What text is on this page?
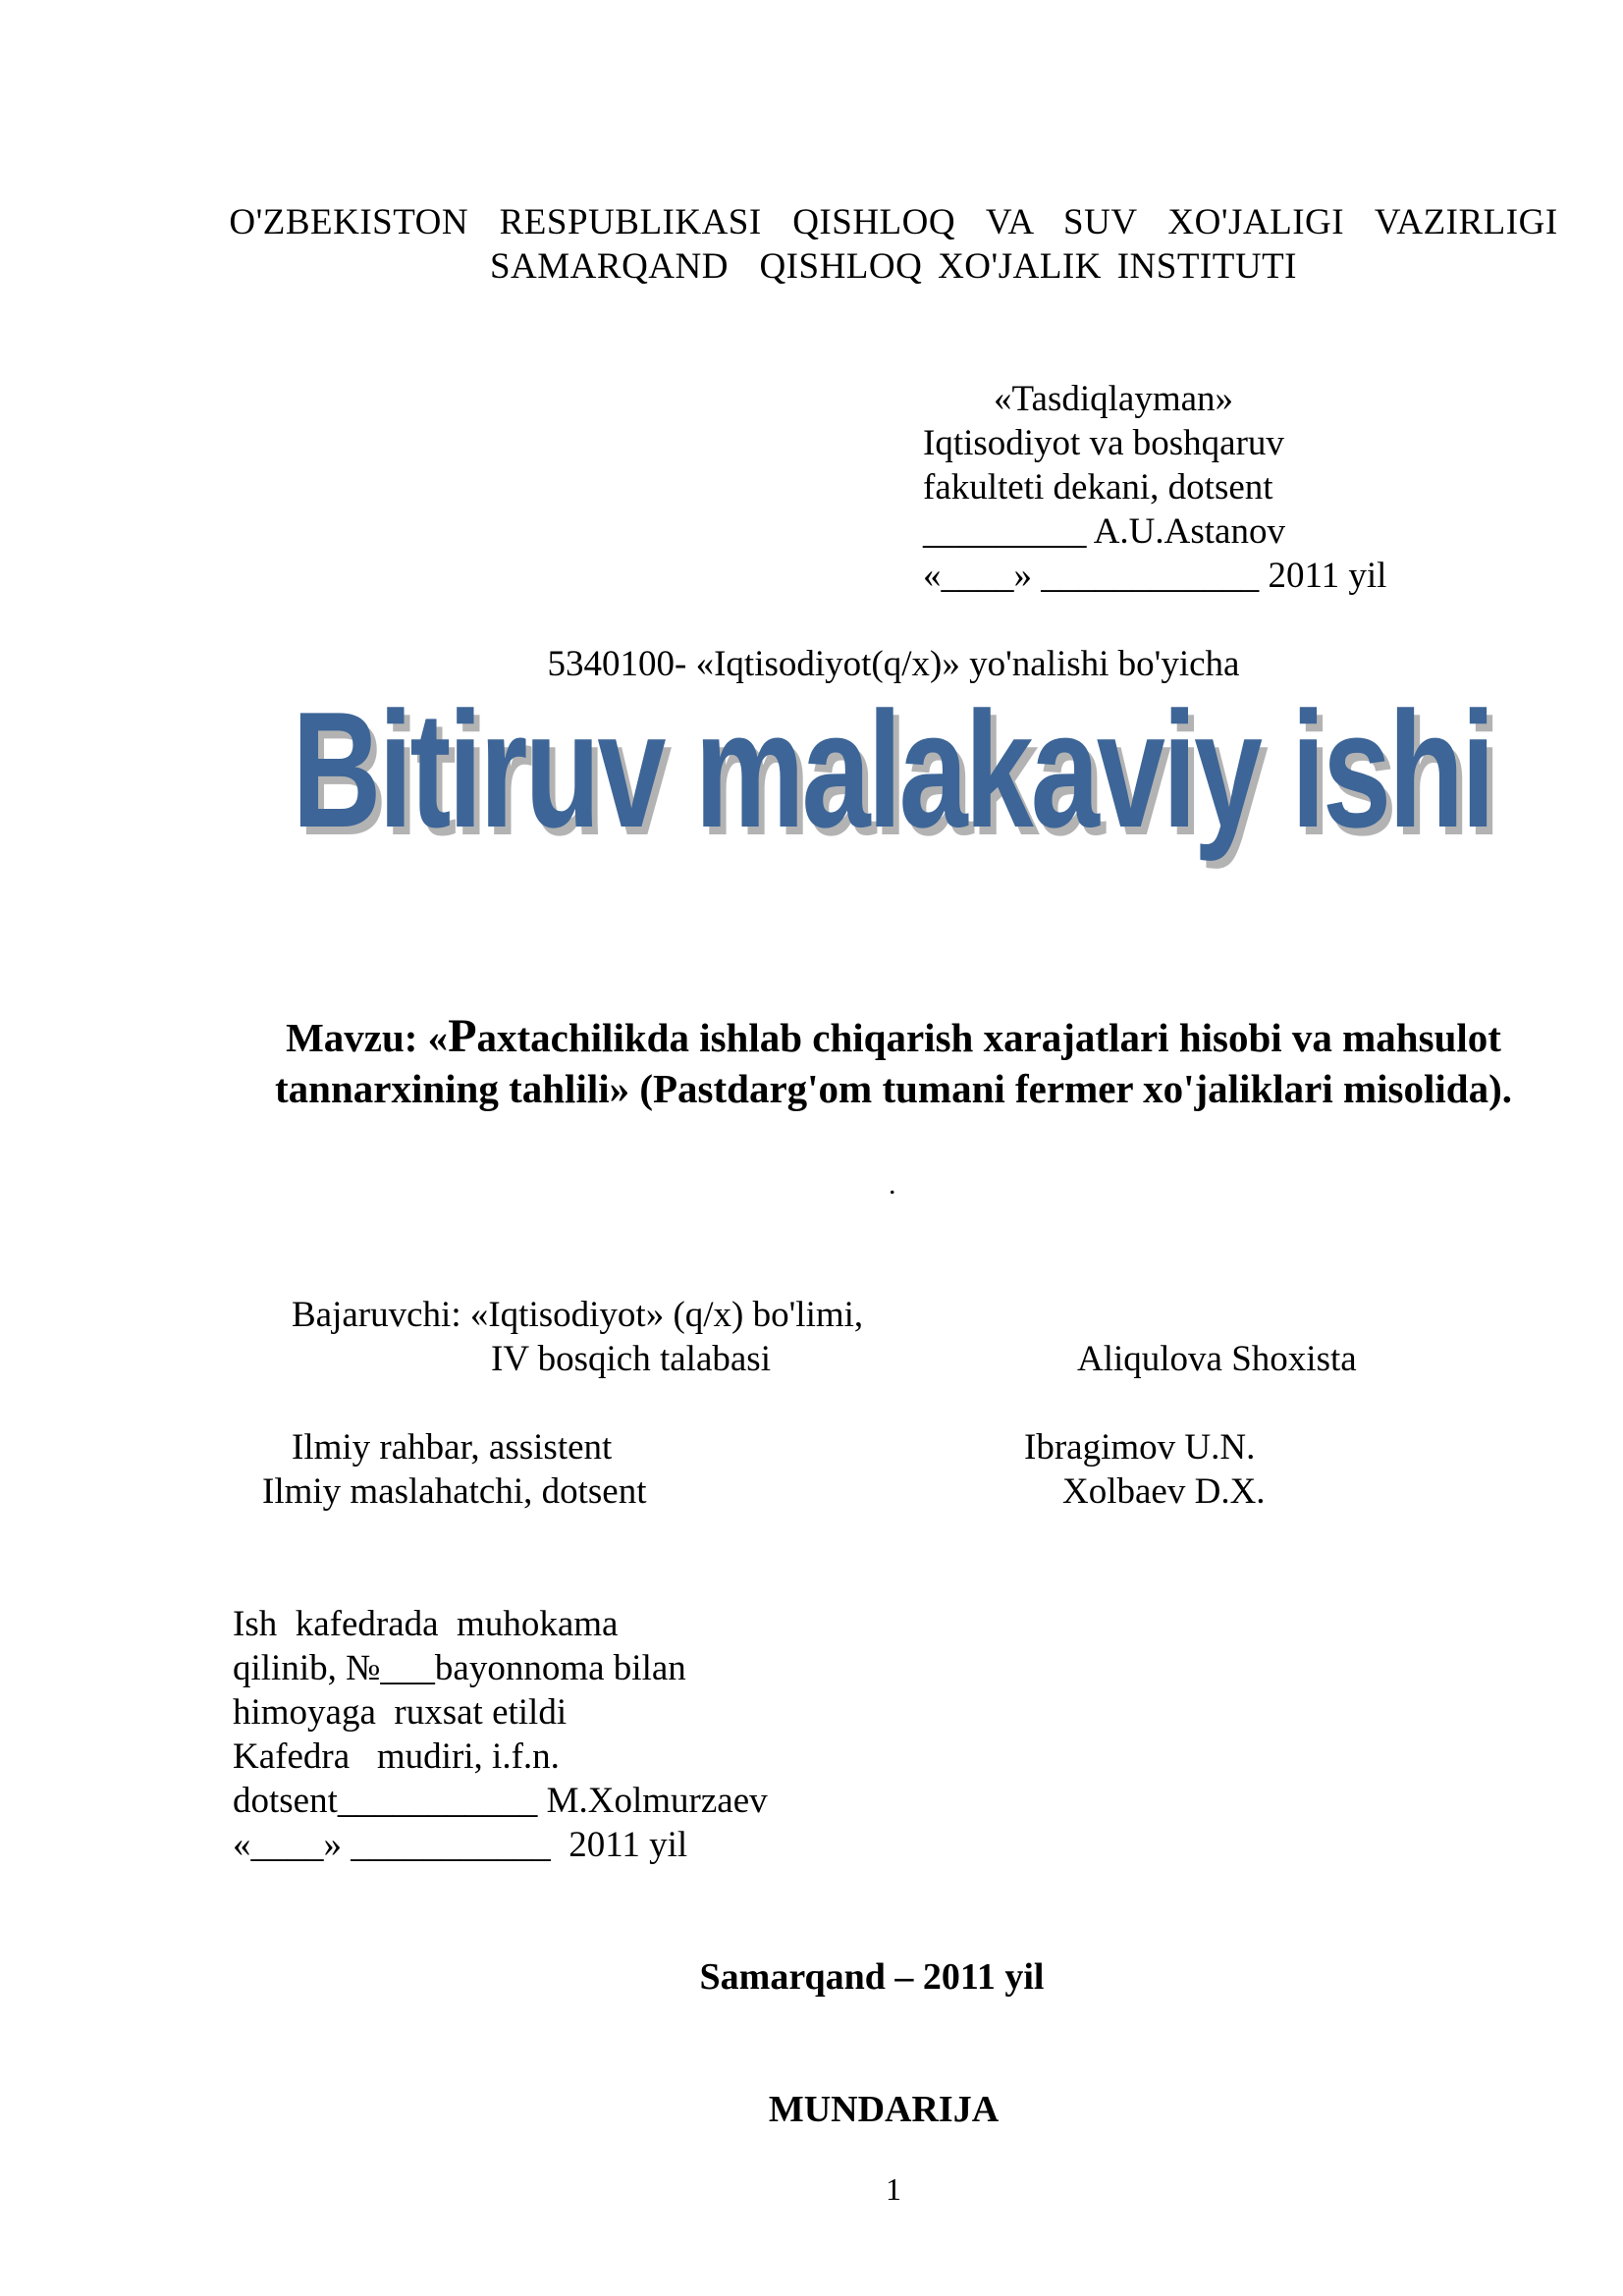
O'ZBEKISTON  RESPUBLIKASI  QISHLOQ  VA  SUV  XO'JALIGI  VAZIRLIGI
SAMARQAND  QISHLOQ XO'JALIK INSTITUTI
«Tasdiqlayman»
Iqtisodiyot va boshqaruv
fakulteti dekani, dotsent
_________ A.U.Astanov
«____» ____________ 2011 yil
5340100- «Iqtisodiyot(q/x)» yo'nalishi bo'yicha
Bitiruv malakaviy ishi
Mavzu: «Paxtachilikda ishlab chiqarish xarajatlari hisobi va mahsulot tannarxining tahlili» (Pastdarg'om tumani fermer xo'jaliklari misolida).
.
Bajaruvchi: «Iqtisodiyot» (q/x) bo'limi,
IV bosqich talabasi	Aliqulova Shoxista
Ilmiy rahbar, assistent	Ibragimov U.N.
Ilmiy maslahatchi, dotsent	Xolbaev D.X.
Ish  kafedrada  muhokama
qilinib, №___bayonnoma bilan
himoyaga  ruxsat etildi
Kafedra   mudiri, i.f.n.
dotsent___________ M.Xolmurzaev
«____» ___________  2011 yil
Samarqand – 2011 yil
MUNDARIJA
1
